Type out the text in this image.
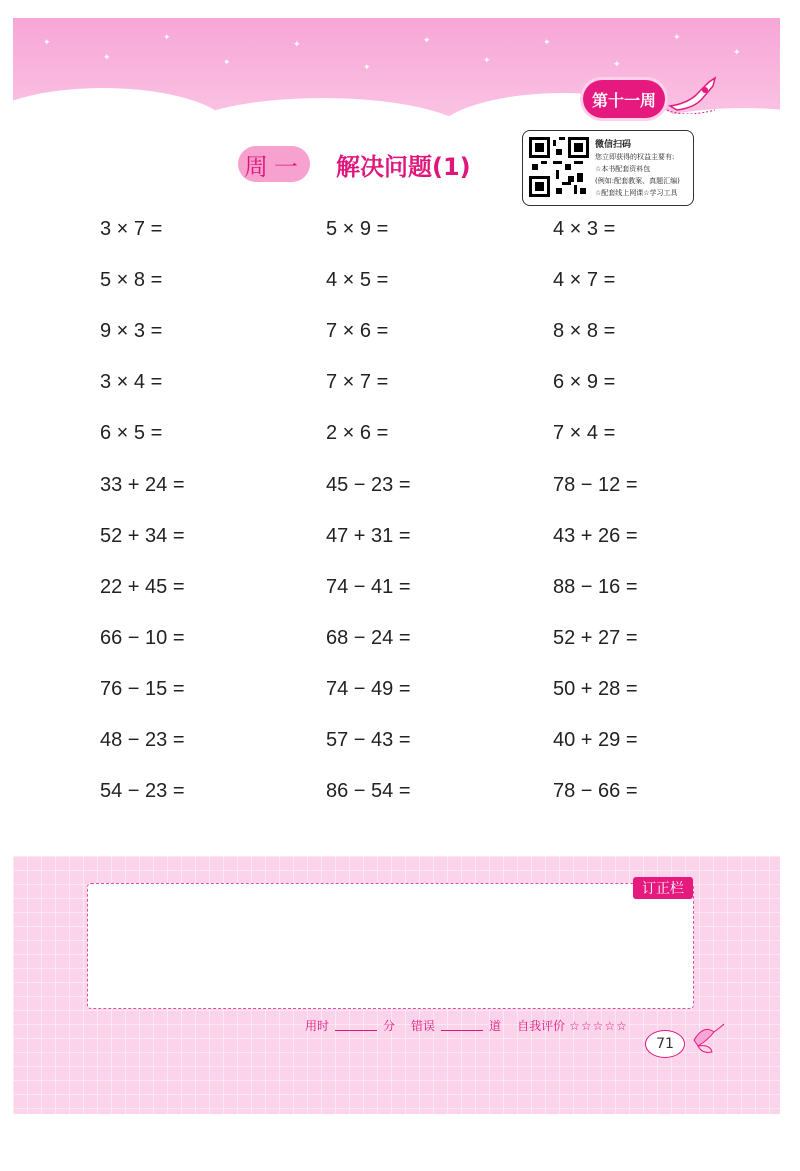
✦
✦
✦
✦
✦
✦
✦
✦
✦
✦
✦
✦
第十一周
周一 解决问题(1)
微信扫码
您立即获得的权益主要有:
☆本书配套资料包
(例如:配套教案、真题汇编)
☆配套线上网课☆学习工具
3 × 7 =	5 × 9 =	4 × 3 =
5 × 8 =	4 × 5 =	4 × 7 =
9 × 3 =	7 × 6 =	8 × 8 =
3 × 4 =	7 × 7 =	6 × 9 =
6 × 5 =	2 × 6 =	7 × 4 =
33 + 24 =	45 − 23 =	78 − 12 =
52 + 34 =	47 + 31 =	43 + 26 =
22 + 45 =	74 − 41 =	88 − 16 =
66 − 10 =	68 − 24 =	52 + 27 =
76 − 15 =	74 − 49 =	50 + 28 =
48 − 23 =	57 − 43 =	40 + 29 =
54 − 23 =	86 − 54 =	78 − 66 =
订正栏
用时	分 错误	道 自我评价 ☆☆☆☆☆
71
